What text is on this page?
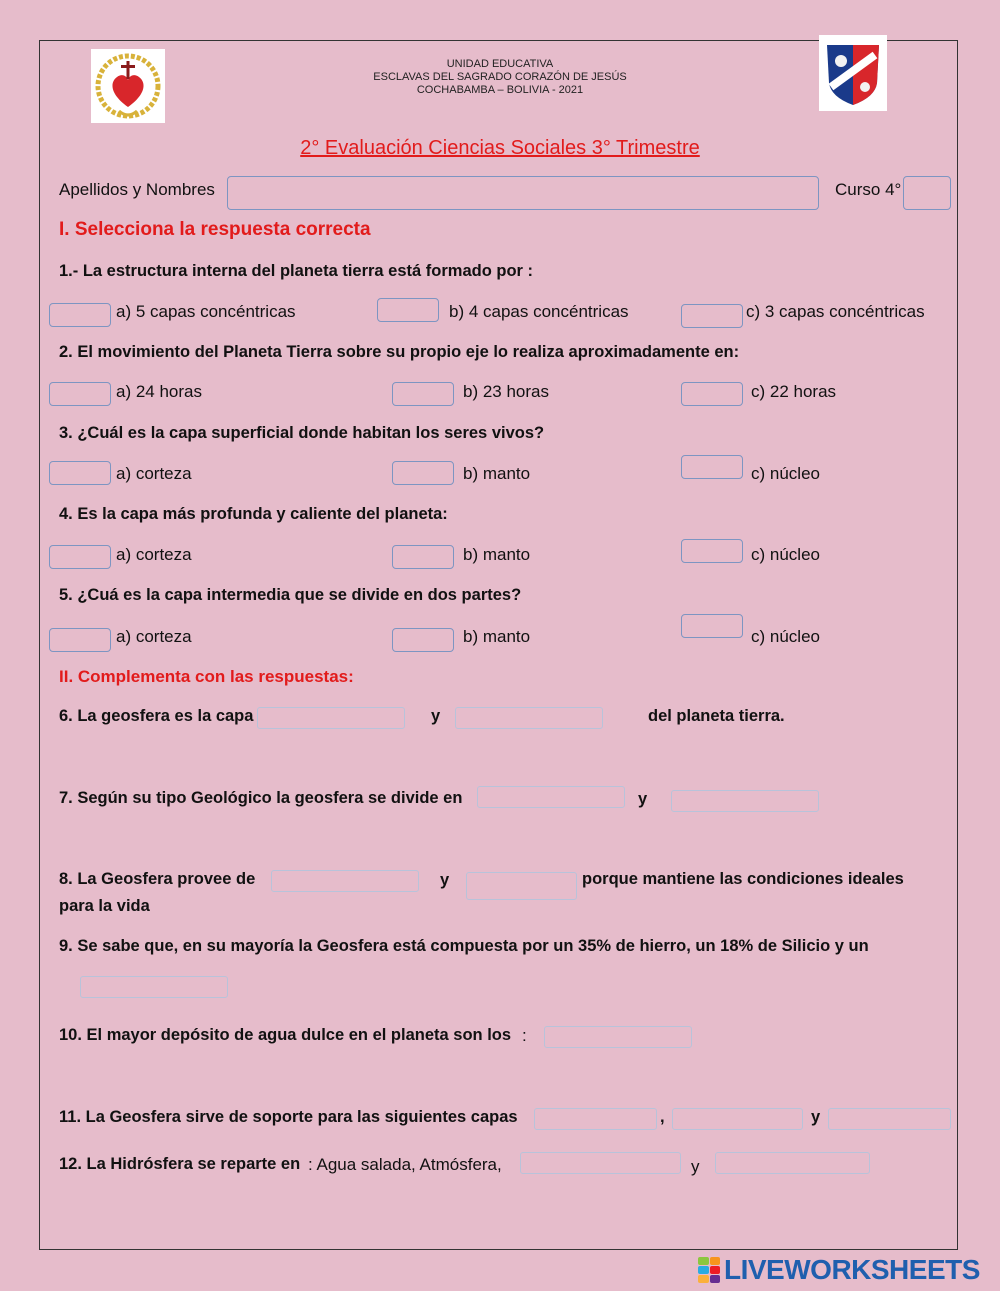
UNIDAD EDUCATIVA
ESCLAVAS DEL SAGRADO CORAZÓN DE JESÚS
COCHABAMBA – BOLIVIA - 2021
2° Evaluación Ciencias Sociales 3° Trimestre
Apellidos y Nombres	Curso 4°
I. Selecciona la respuesta correcta
1.- La estructura interna del planeta tierra está formado por :
a) 5 capas concéntricas	b) 4 capas concéntricas	c) 3 capas concéntricas
2. El movimiento del Planeta Tierra sobre su propio eje lo realiza aproximadamente en:
a) 24 horas	b) 23 horas	c) 22 horas
3. ¿Cuál es la capa superficial donde habitan los seres vivos?
a) corteza	b) manto	c) núcleo
4. Es la capa más profunda y caliente del planeta:
a) corteza	b) manto	c) núcleo
5. ¿Cuá es la capa intermedia que se divide en dos partes?
a) corteza	b) manto	c) núcleo
II. Complementa con las respuestas:
6. La geosfera es la capa	y	del planeta tierra.
7. Según su tipo Geológico la geosfera se divide en	y
8. La Geosfera provee de	y	porque mantiene las condiciones ideales
para la vida
9. Se sabe que, en su mayoría la Geosfera está compuesta por un 35% de hierro, un 18% de Silicio y un
10. El mayor depósito de agua dulce en el planeta son los :
11. La Geosfera sirve de soporte para las siguientes capas	,	y
12. La Hidrósfera se reparte en : Agua salada, Atmósfera,	y
LIVEWORKSHEETS
